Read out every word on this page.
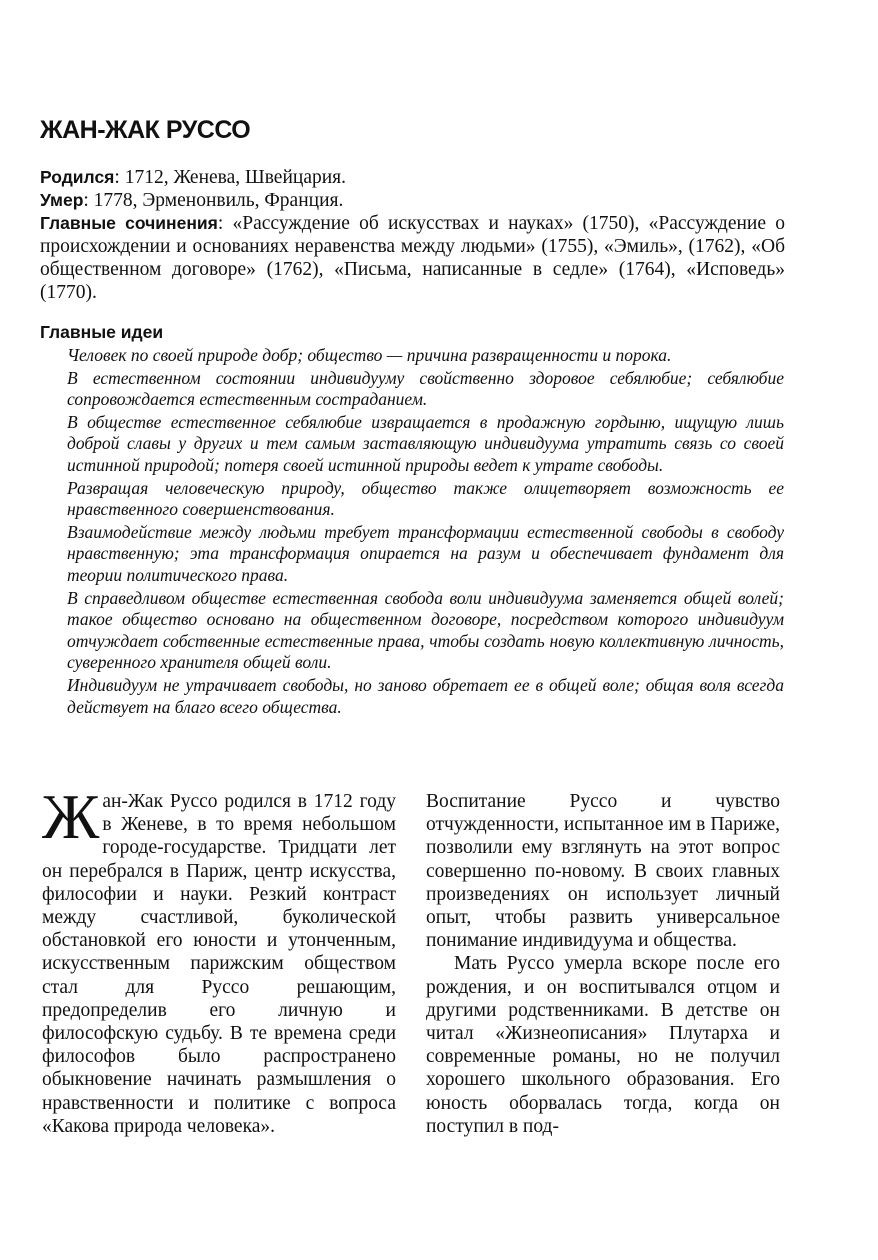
ЖАН-ЖАК РУССО

Родился: 1712, Женева, Швейцария.

Умер: 1778, Эрменонвиль, Франция.

Главные сочинения: «Рассуждение об искусствах и науках» (1750), «Рассуждение о происхождении и основаниях неравенства между людьми» (1755), «Эмиль», (1762), «Об общественном договоре» (1762), «Письма, написанные в седле» (1764), «Исповедь» (1770).

Главные идеи
Человек по своей природе добр; общество — причина развращенности и порока.
В естественном состоянии индивидууму свойственно здоровое себялюбие; себялюбие сопровождается естественным состраданием.
В обществе естественное себялюбие извращается в продажную гордыню, ищущую лишь доброй славы у других и тем самым заставляющую индивидуума утратить связь со своей истинной природой; потеря своей истинной природы ведет к утрате свободы.
Развращая человеческую природу, общество также олицетворяет возможность ее нравственного совершенствования.
Взаимодействие между людьми требует трансформации естественной свободы в свободу нравственную; эта трансформация опирается на разум и обеспечивает фундамент для теории политического права.
В справедливом обществе естественная свобода воли индивидуума заменяется общей волей; такое общество основано на общественном договоре, посредством которого индивидуум отчуждает собственные естественные права, чтобы создать новую коллективную личность, суверенного хранителя общей воли.
Индивидуум не утрачивает свободы, но заново обретает ее в общей воле; общая воля всегда действует на благо всего общества.

Жан-Жак Руссо родился в 1712 году в Женеве, в то время небольшом городе-государстве. Тридцати лет он перебрался в Париж, центр искусства, философии и науки. Резкий контраст между счастливой, буколической обстановкой его юности и утонченным, искусственным парижским обществом стал для Руссо решающим, предопределив его личную и философскую судьбу. В те времена среди философов было распространено обыкновение начинать размышления о нравственности и политике с вопроса «Какова природа человека».

Воспитание Руссо и чувство отчужденности, испытанное им в Париже, позволили ему взглянуть на этот вопрос совершенно по-новому. В своих главных произведениях он использует личный опыт, чтобы развить универсальное понимание индивидуума и общества.

Мать Руссо умерла вскоре после его рождения, и он воспитывался отцом и другими родственниками. В детстве он читал «Жизнеописания» Плутарха и современные романы, но не получил хорошего школьного образования. Его юность оборвалась тогда, когда он поступил в под-
